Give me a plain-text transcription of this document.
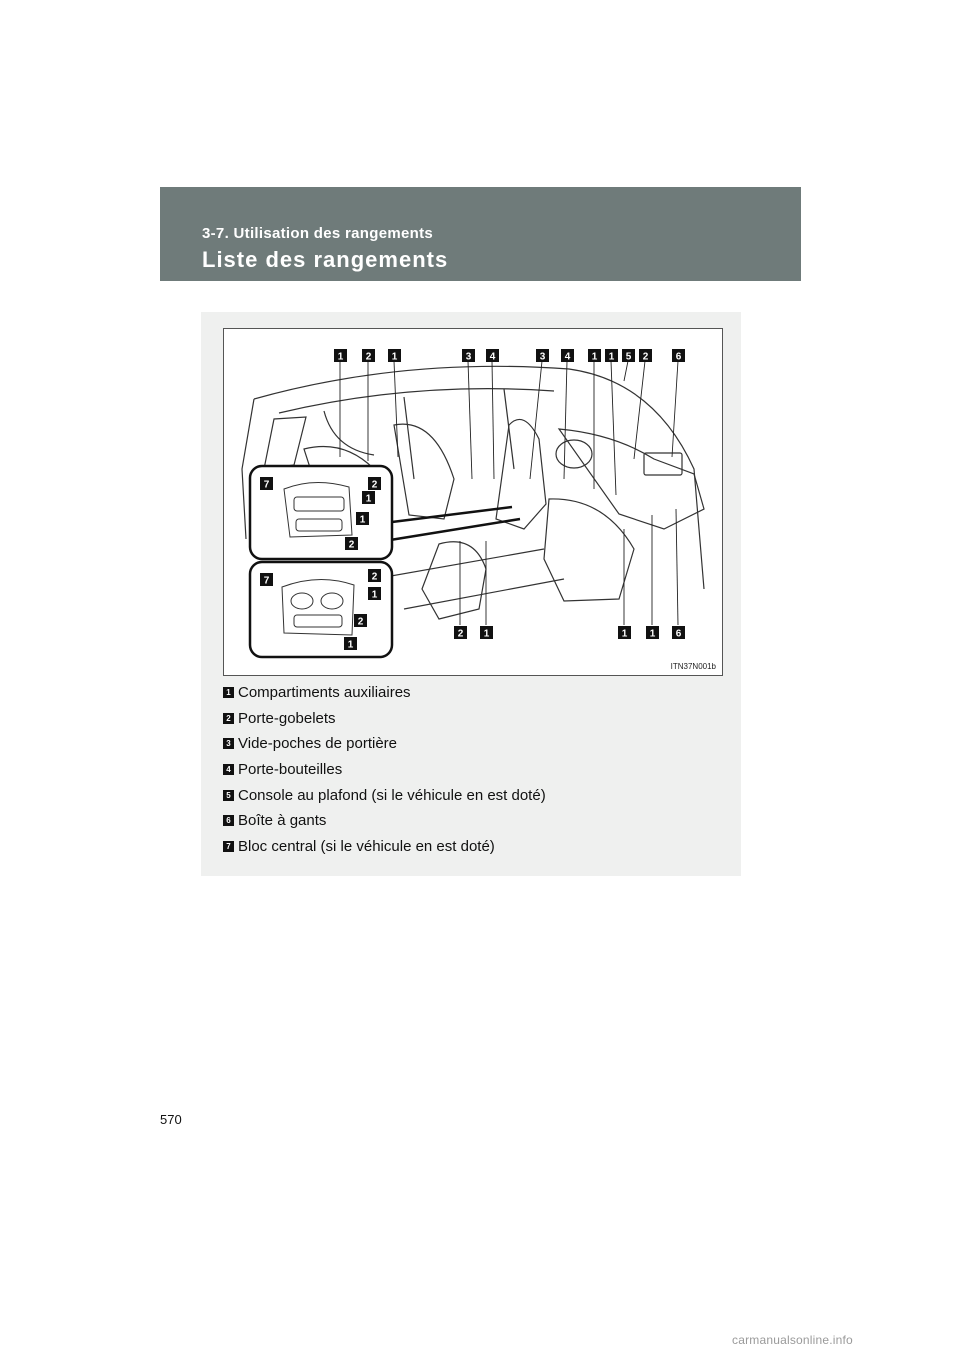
3-7. Utilisation des rangements
Liste des rangements
1 2 1	3 4	3 4 1 1 5 2	6
2 1	1 1 6
7	2
1
1
2
7	2
1
2
1
ITN37N001b
1 Compartiments auxiliaires
2 Porte-gobelets
3 Vide-poches de portière
4 Porte-bouteilles
5 Console au plafond (si le véhicule en est doté)
6 Boîte à gants
7 Bloc central (si le véhicule en est doté)
570
carmanualsonline.info
